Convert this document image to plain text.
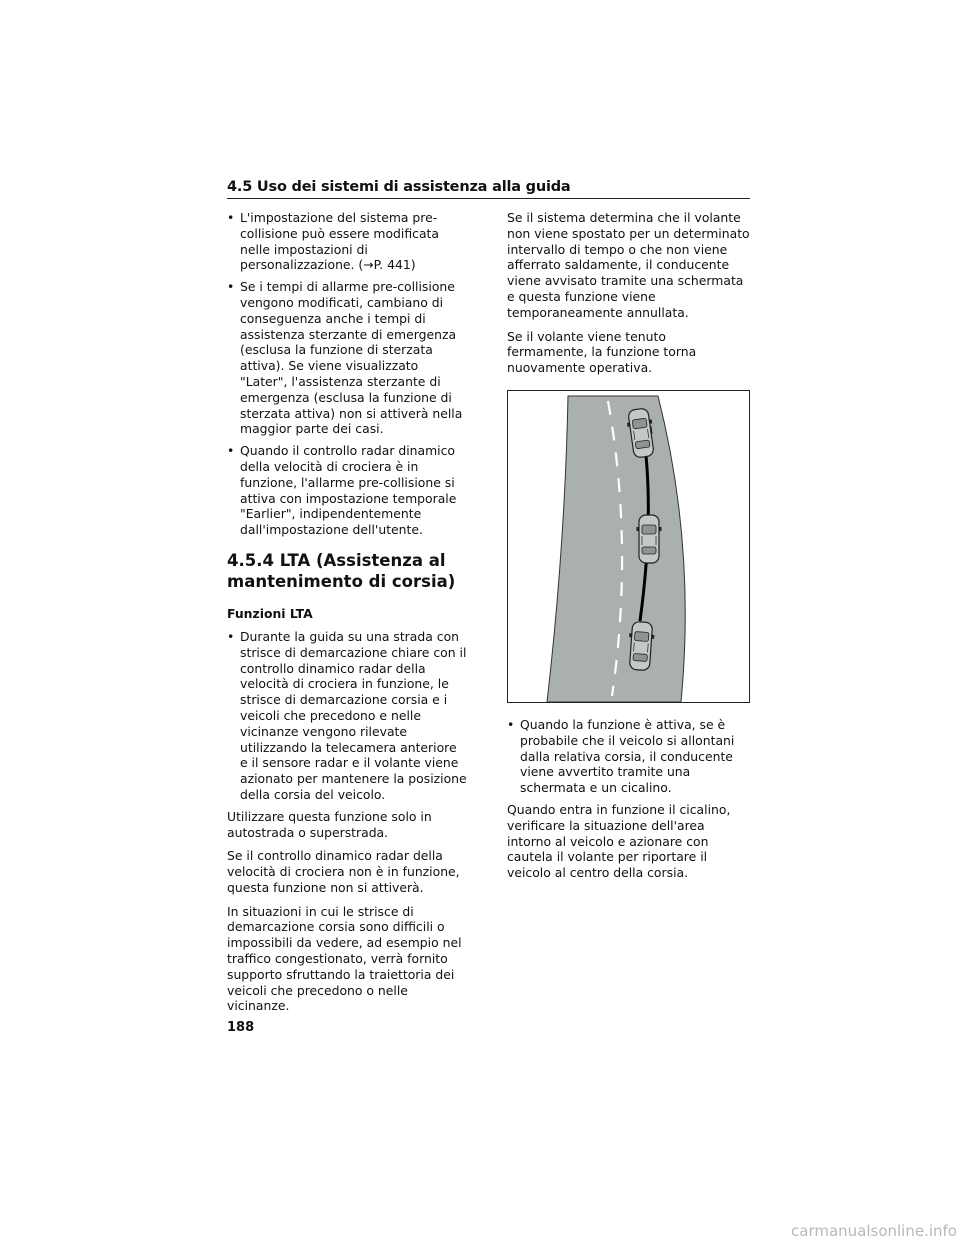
4.5 Uso dei sistemi di assistenza alla guida
• L'impostazione del sistema pre-collisione può essere modificata nelle impostazioni di personalizzazione. (→P. 441)
• Se i tempi di allarme pre-collisione vengono modificati, cambiano di conseguenza anche i tempi di assistenza sterzante di emergenza (esclusa la funzione di sterzata attiva). Se viene visualizzato "Later", l'assistenza sterzante di emergenza (esclusa la funzione di sterzata attiva) non si attiverà nella maggior parte dei casi.
• Quando il controllo radar dinamico della velocità di crociera è in funzione, l'allarme pre-collisione si attiva con impostazione temporale "Earlier", indipendentemente dall'impostazione dell'utente.
4.5.4 LTA (Assistenza al mantenimento di corsia)
Funzioni LTA
• Durante la guida su una strada con strisce di demarcazione chiare con il controllo dinamico radar della velocità di crociera in funzione, le strisce di demarcazione corsia e i veicoli che precedono e nelle vicinanze vengono rilevate utilizzando la telecamera anteriore e il sensore radar e il volante viene azionato per mantenere la posizione della corsia del veicolo.

Utilizzare questa funzione solo in autostrada o superstrada.

Se il controllo dinamico radar della velocità di crociera non è in funzione, questa funzione non si attiverà.

In situazioni in cui le strisce di demarcazione corsia sono difficili o impossibili da vedere, ad esempio nel traffico congestionato, verrà fornito supporto sfruttando la traiettoria dei veicoli che precedono o nelle vicinanze.

Se il sistema determina che il volante non viene spostato per un determinato intervallo di tempo o che non viene afferrato saldamente, il conducente viene avvisato tramite una schermata e questa funzione viene temporaneamente annullata.

Se il volante viene tenuto fermamente, la funzione torna nuovamente operativa.

• Quando la funzione è attiva, se è probabile che il veicolo si allontani dalla relativa corsia, il conducente viene avvertito tramite una schermata e un cicalino.

Quando entra in funzione il cicalino, verificare la situazione dell'area intorno al veicolo e azionare con cautela il volante per riportare il veicolo al centro della corsia.

188
carmanualsonline.info
